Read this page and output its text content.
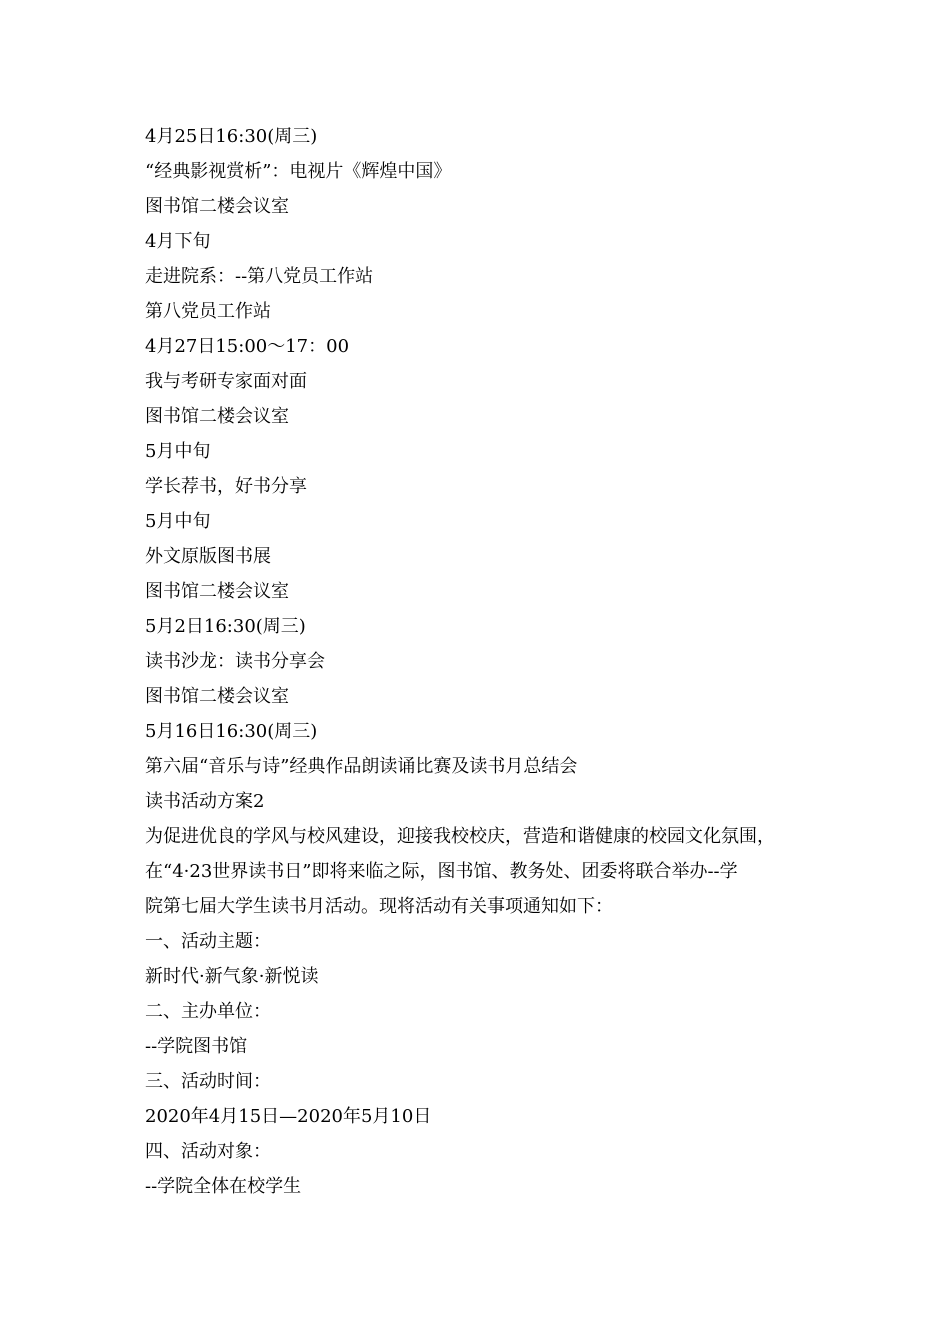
4月25日16:30(周三)
“经典影视赏析”：电视片《辉煌中国》
图书馆二楼会议室
4月下旬
走进院系：--第八党员工作站
第八党员工作站
4月27日15:00～17：00
我与考研专家面对面
图书馆二楼会议室
5月中旬
学长荐书，好书分享
5月中旬
外文原版图书展
图书馆二楼会议室
5月2日16:30(周三)
读书沙龙：读书分享会
图书馆二楼会议室
5月16日16:30(周三)
第六届“音乐与诗”经典作品朗读诵比赛及读书月总结会
读书活动方案2
为促进优良的学风与校风建设，迎接我校校庆，营造和谐健康的校园文化氛围，
在“4·23世界读书日”即将来临之际，图书馆、教务处、团委将联合举办--学
院第七届大学生读书月活动。现将活动有关事项通知如下：
一、活动主题：
新时代·新气象·新悦读
二、主办单位：
--学院图书馆
三、活动时间：
2020年4月15日—2020年5月10日
四、活动对象：
--学院全体在校学生
